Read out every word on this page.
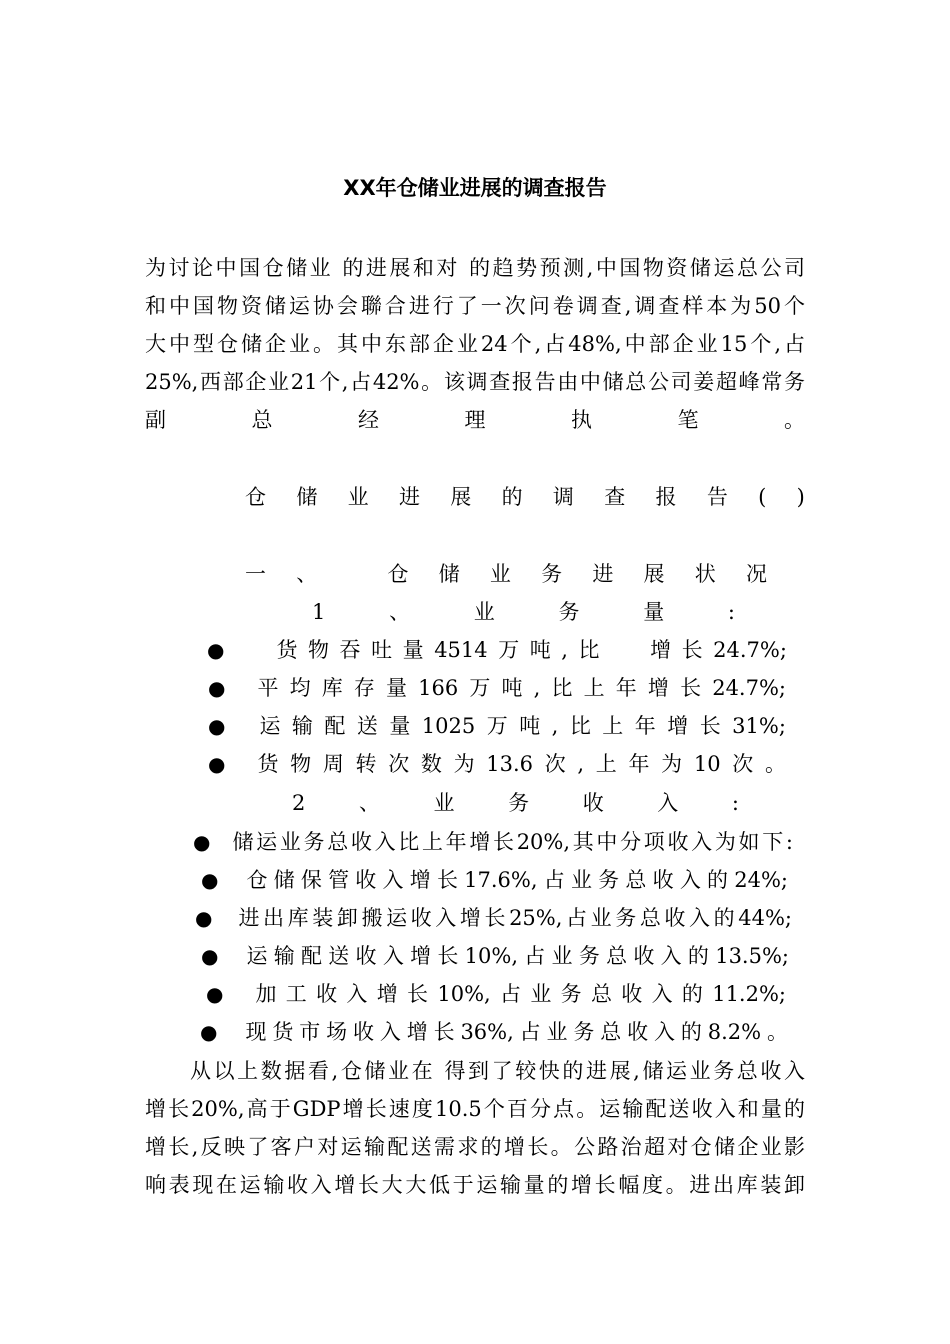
XX年仓储业进展的调查报告
为讨论中国仓储业 的进展和对 的趋势预测,中国物资储运总公司
和中国物资储运协会聯合进行了一次问卷调查,调查样本为50个
大中型仓储企业。其中东部企业24个,占48%,中部企业15个,占
25%,西部企业21个,占42%。该调查报告由中储总公司姜超峰常务
副	总	经	理	执	笔	。
仓 储 业 进 展 的 调 查 报 告 ( )
一 、	仓 储 业 务 进 展 状 况
1	、	业	务	量	:
● 货 物 吞 吐 量 4514 万 吨 , 比 增 长 24.7%;
● 平 均 库 存 量 166 万 吨 , 比 上 年 增 长 24.7%;
● 运 输 配 送 量 1025 万 吨 , 比 上 年 增 长 31%;
● 货 物 周 转 次 数 为 13.6 次 , 上 年 为 10 次 。
2	、	业	务	收	入	:
● 储运业务总收入比上年增长20%,其中分项收入为如下:
● 仓储保管收入增长17.6%,占业务总收入的24%;
● 进出库装卸搬运收入增长25%,占业务总收入的44%;
● 运输配送收入增长10%,占业务总收入的13.5%;
● 加工收入增长10%,占业务总收入的11.2%;
● 现货市场收入增长36%,占业务总收入的8.2%。
从以上数据看,仓储业在 得到了较快的进展,储运业务总收入
增长20%,高于GDP增长速度10.5个百分点。运输配送收入和量的
增长,反映了客户对运输配送需求的增长。公路治超对仓储企业影
响表现在运输收入增长大大低于运输量的增长幅度。进出库装卸
